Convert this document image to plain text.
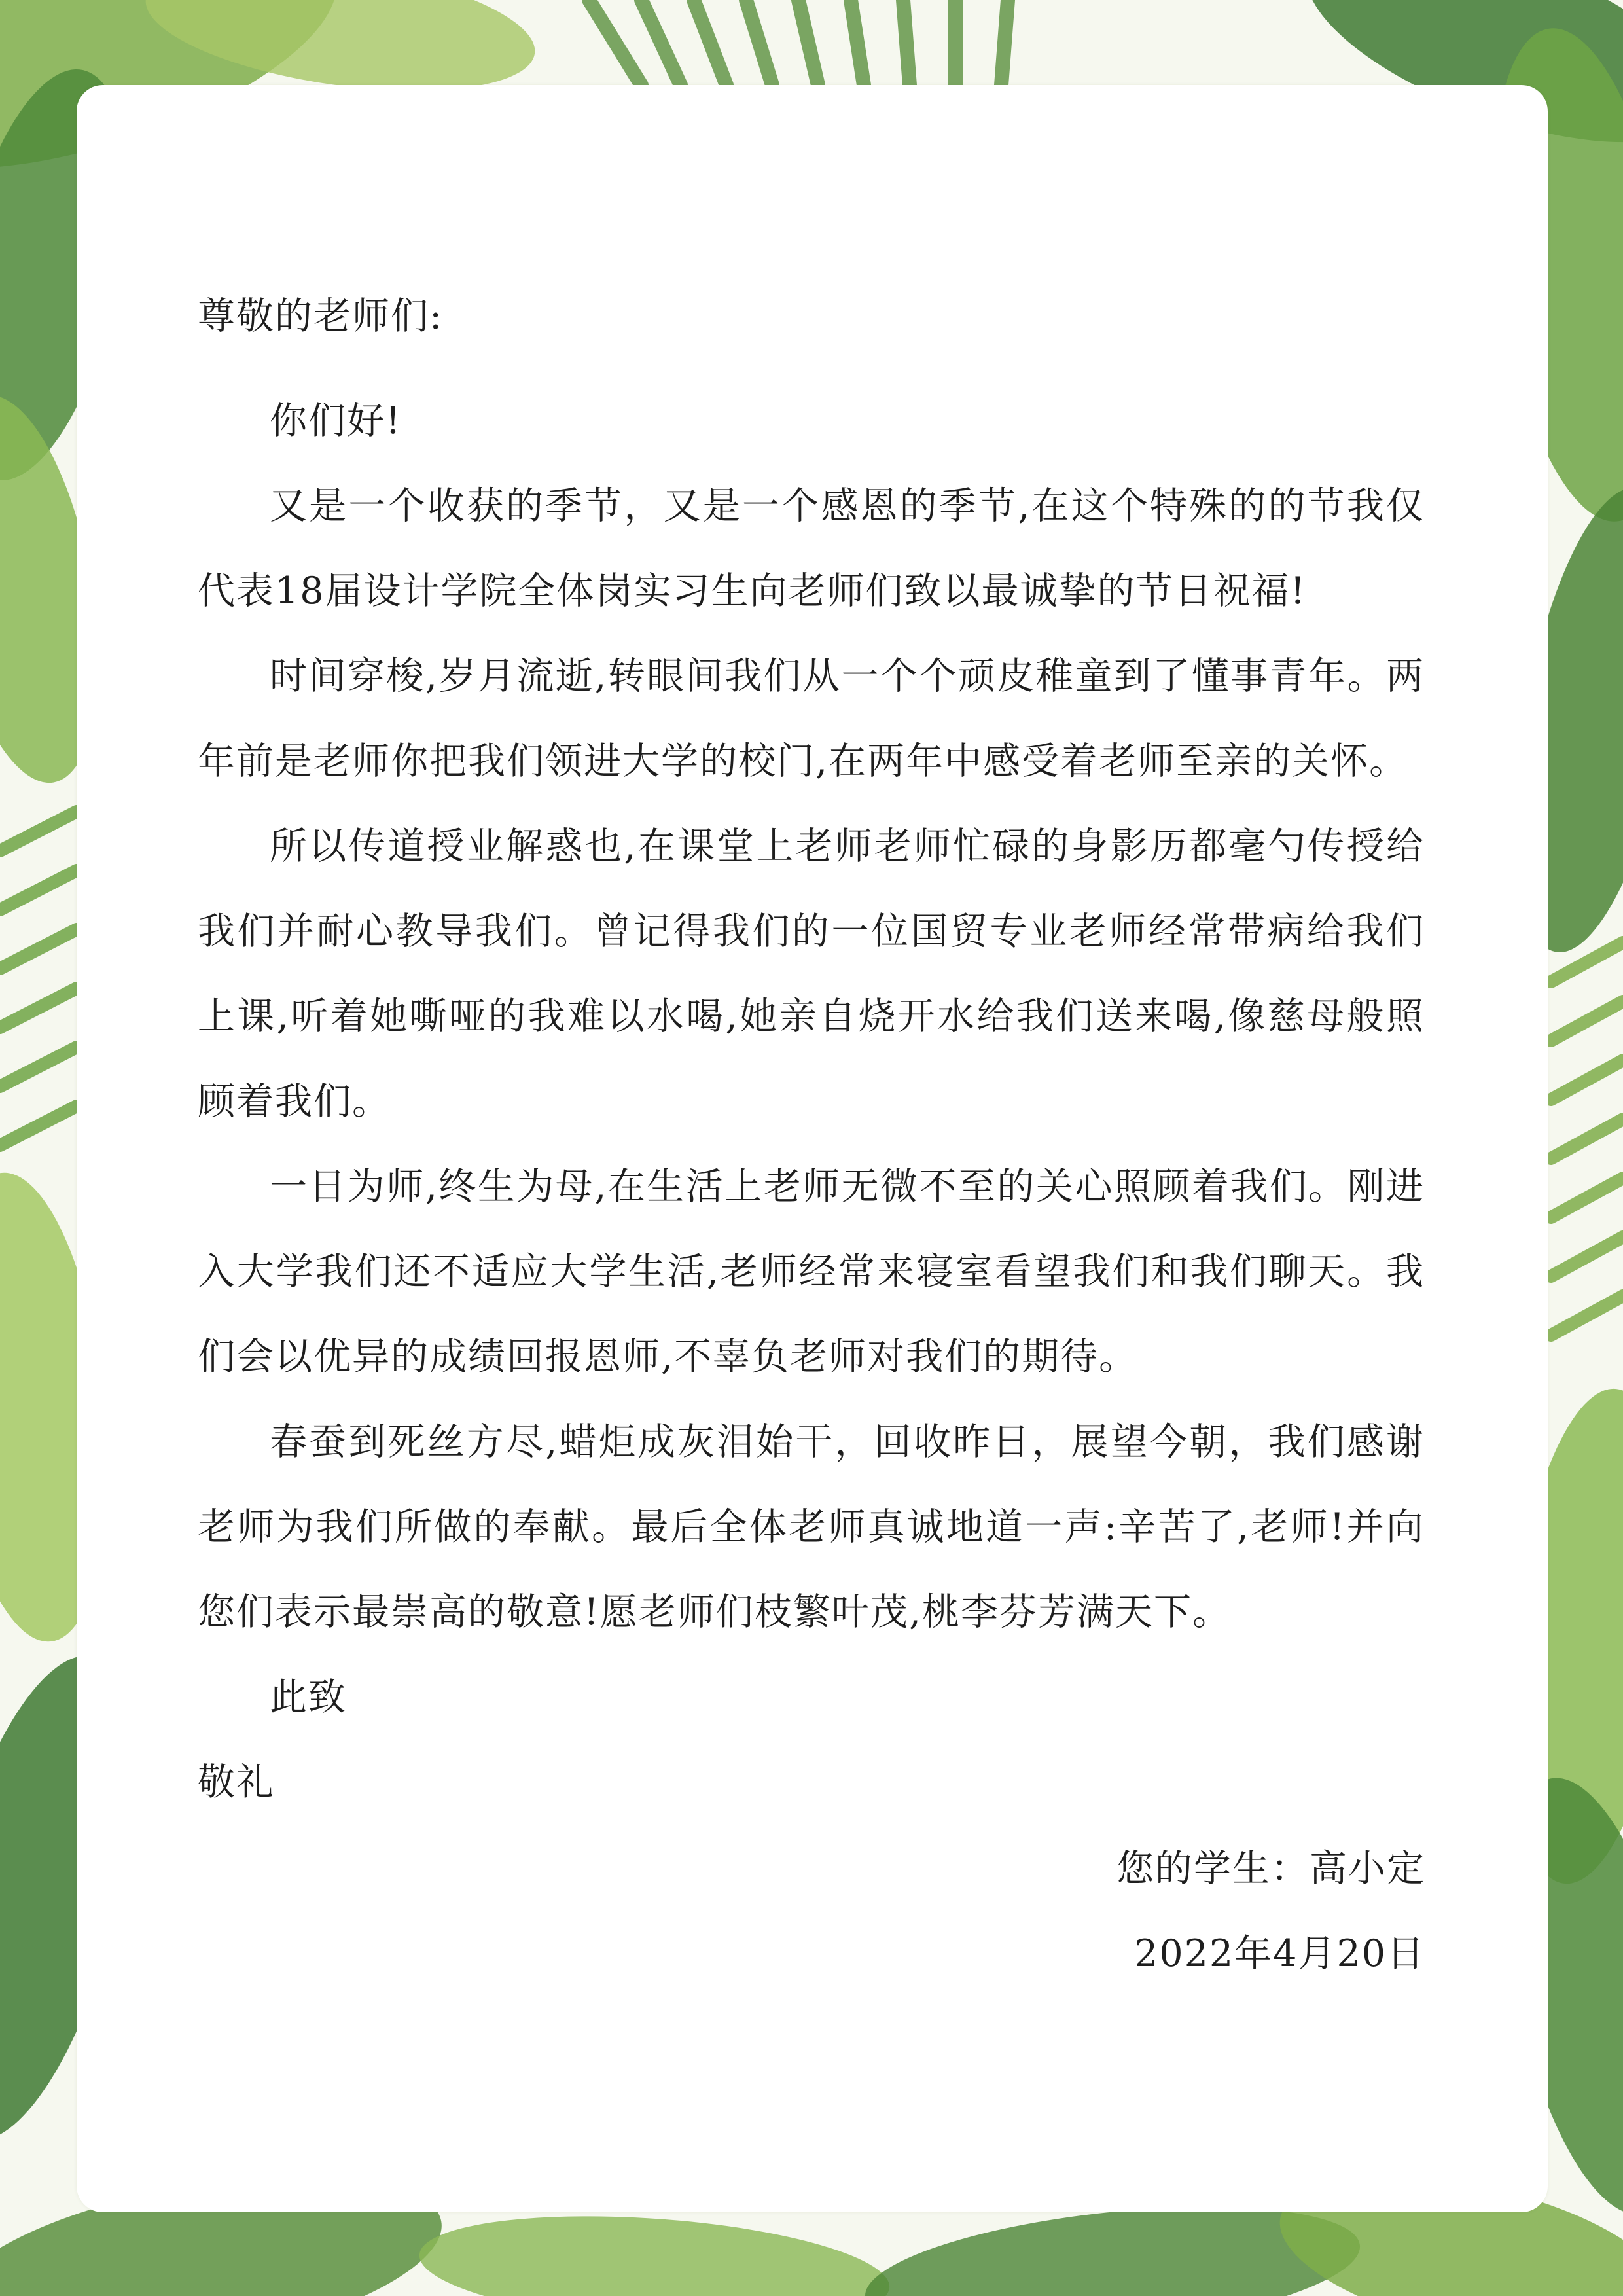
尊敬的老师们:

你们好!

又是一个收获的季节，又是一个感恩的季节,在这个特殊的的节我仅代表18届设计学院全体岗实习生向老师们致以最诚挚的节日祝福!

时间穿梭,岁月流逝,转眼间我们从一个个顽皮稚童到了懂事青年。两年前是老师你把我们领进大学的校门,在两年中感受着老师至亲的关怀。

所以传道授业解惑也,在课堂上老师老师忙碌的身影历都毫勺传授给我们并耐心教导我们。曾记得我们的一位国贸专业老师经常带病给我们上课,听着她嘶哑的我难以水喝,她亲自烧开水给我们送来喝,像慈母般照顾着我们。

一日为师,终生为母,在生活上老师无微不至的关心照顾着我们。刚进入大学我们还不适应大学生活,老师经常来寝室看望我们和我们聊天。我们会以优异的成绩回报恩师,不辜负老师对我们的期待。

春蚕到死丝方尽,蜡炬成灰泪始干，回收昨日，展望今朝，我们感谢老师为我们所做的奉献。最后全体老师真诚地道一声:辛苦了,老师!并向您们表示最崇高的敬意!愿老师们枝繁叶茂,桃李芬芳满天下。

此致

敬礼

您的学生：高小定

2022年4月20日
